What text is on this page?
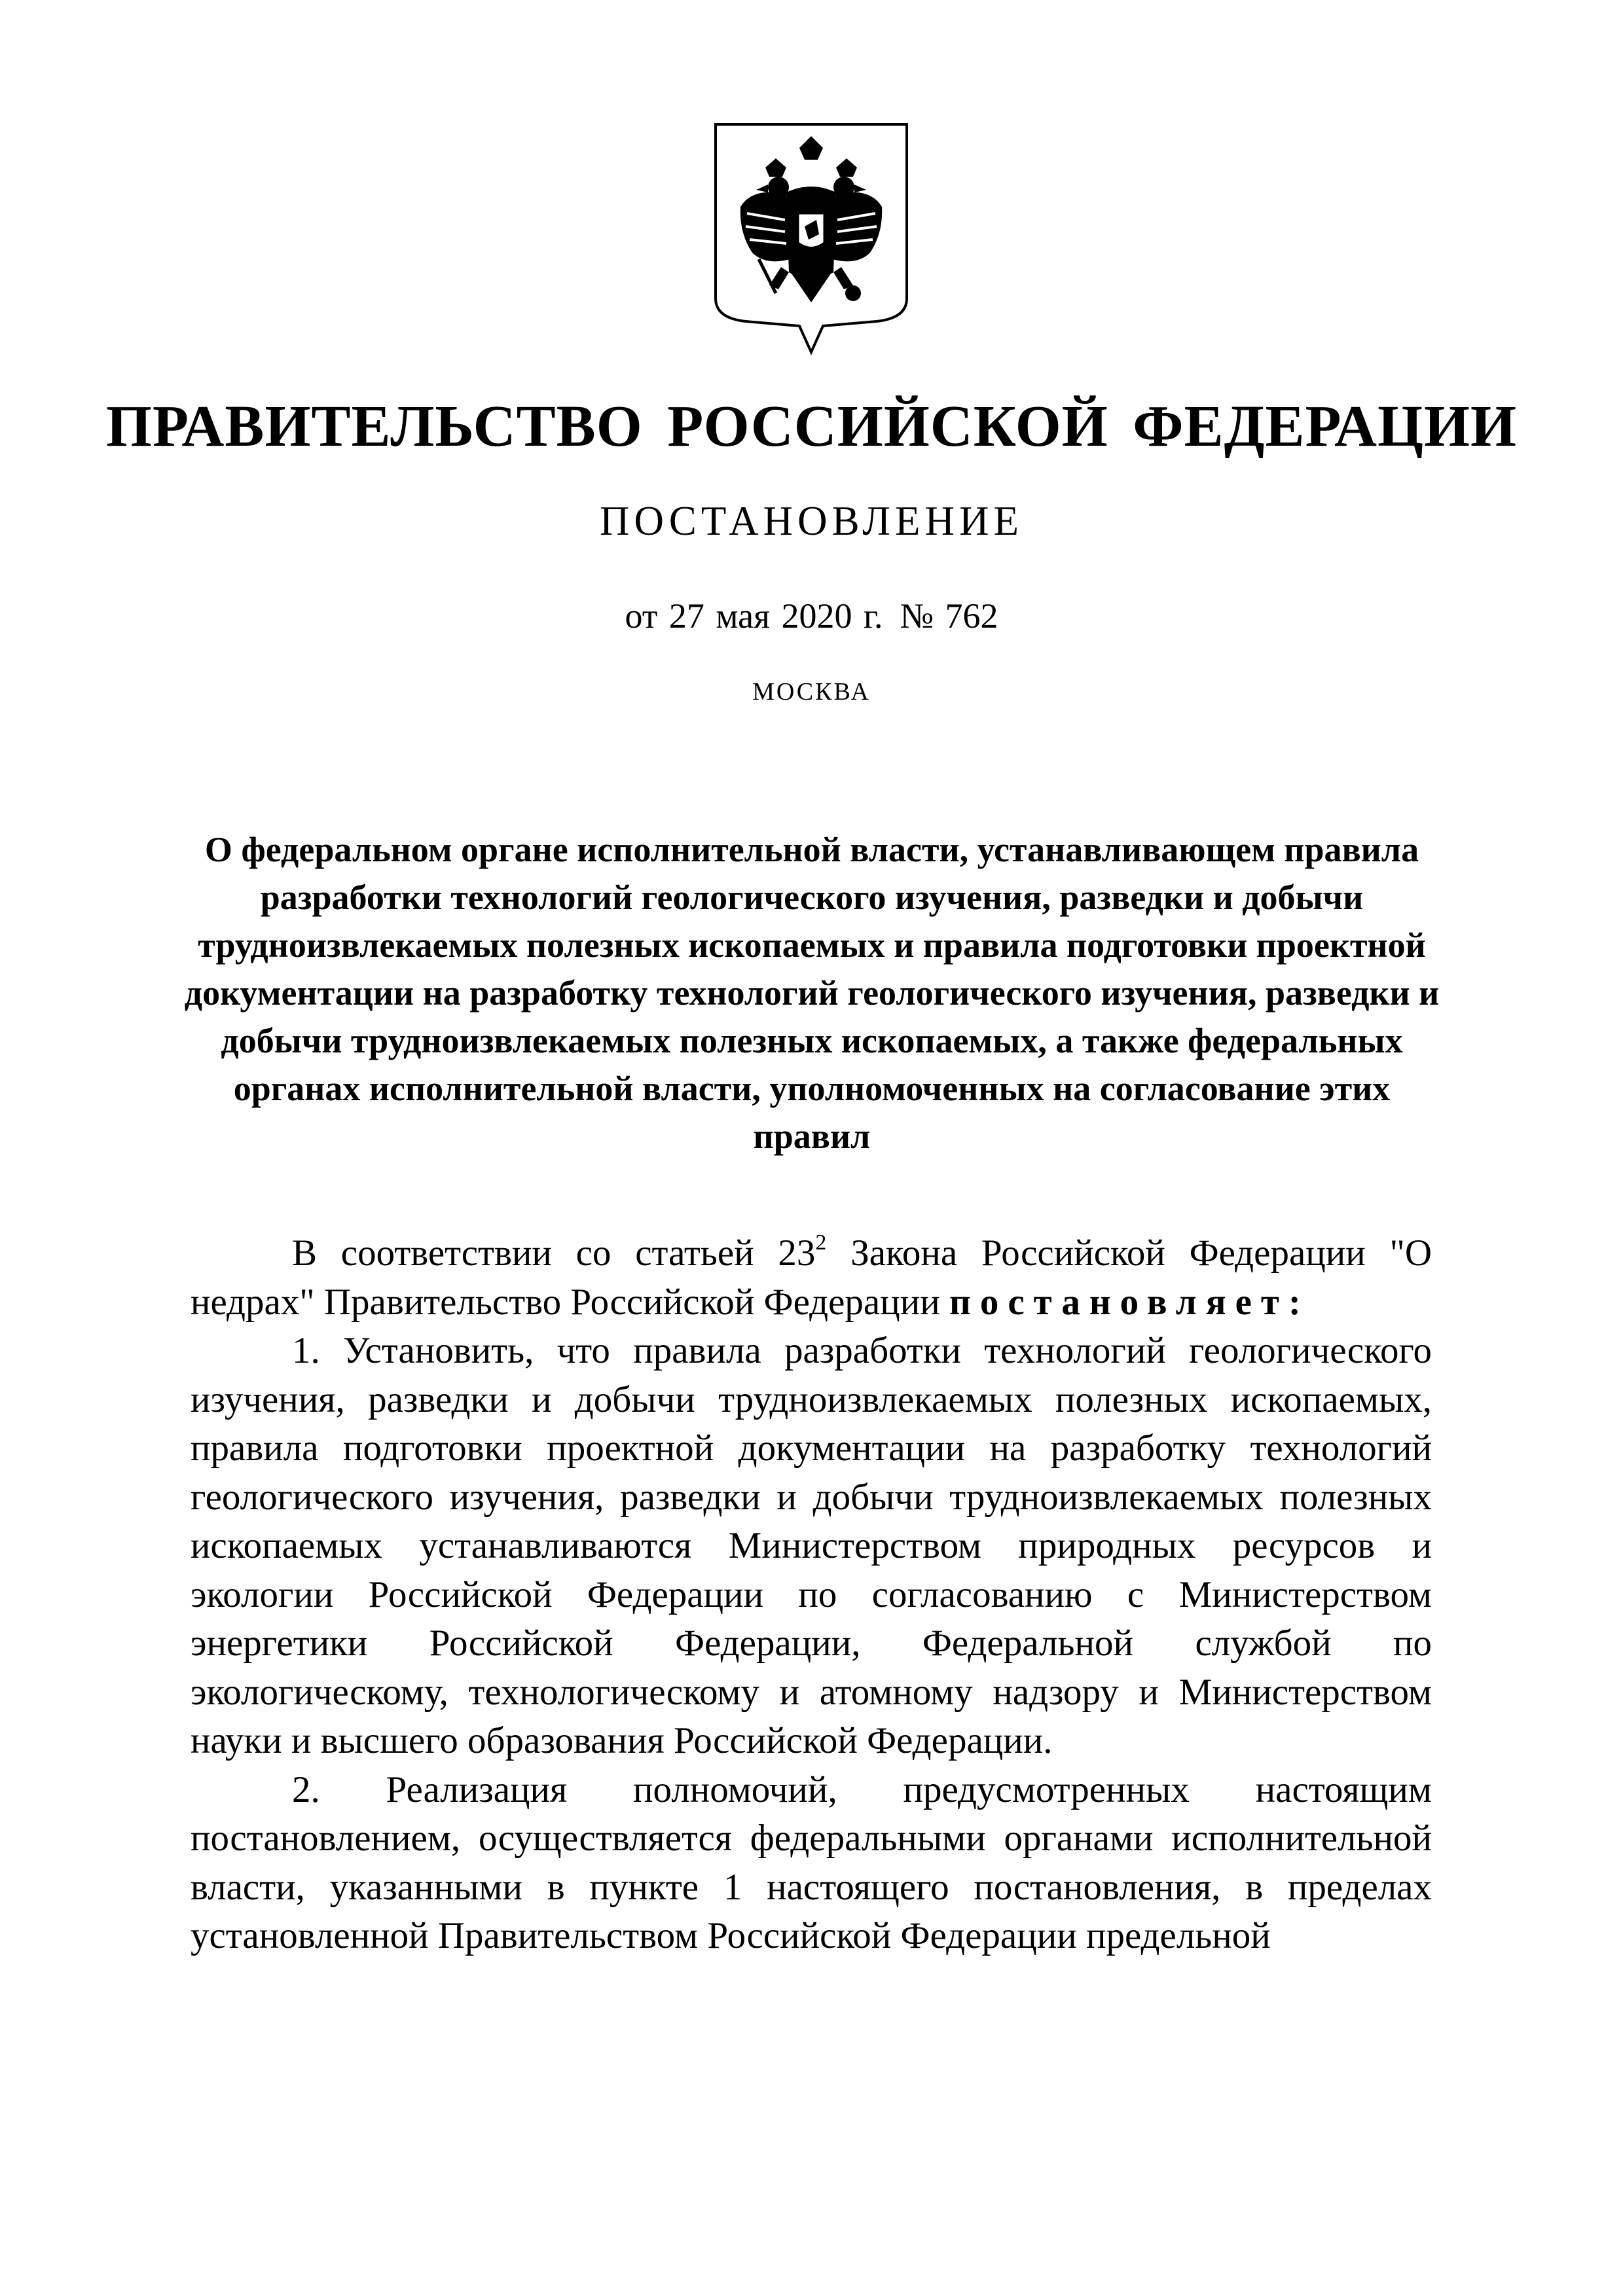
ПРАВИТЕЛЬСТВО РОССИЙСКОЙ ФЕДЕРАЦИИ
ПОСТАНОВЛЕНИЕ
от 27 мая 2020 г. № 762
МОСКВА
О федеральном органе исполнительной власти, устанавливающем правила разработки технологий геологического изучения, разведки и добычи трудноизвлекаемых полезных ископаемых и правила подготовки проектной документации на разработку технологий геологического изучения, разведки и добычи трудноизвлекаемых полезных ископаемых, а также федеральных органах исполнительной власти, уполномоченных на согласование этих правил

В соответствии со статьей $23^2$ Закона Российской Федерации "О недрах" Правительство Российской Федерации постановляет:

1. Установить, что правила разработки технологий геологического изучения, разведки и добычи трудноизвлекаемых полезных ископаемых, правила подготовки проектной документации на разработку технологий геологического изучения, разведки и добычи трудноизвлекаемых полезных ископаемых устанавливаются Министерством природных ресурсов и экологии Российской Федерации по согласованию с Министерством энергетики Российской Федерации, Федеральной службой по экологическому, технологическому и атомному надзору и Министерством науки и высшего образования Российской Федерации.

2. Реализация полномочий, предусмотренных настоящим постановлением, осуществляется федеральными органами исполнительной власти, указанными в пункте 1 настоящего постановления, в пределах установленной Правительством Российской Федерации предельной
